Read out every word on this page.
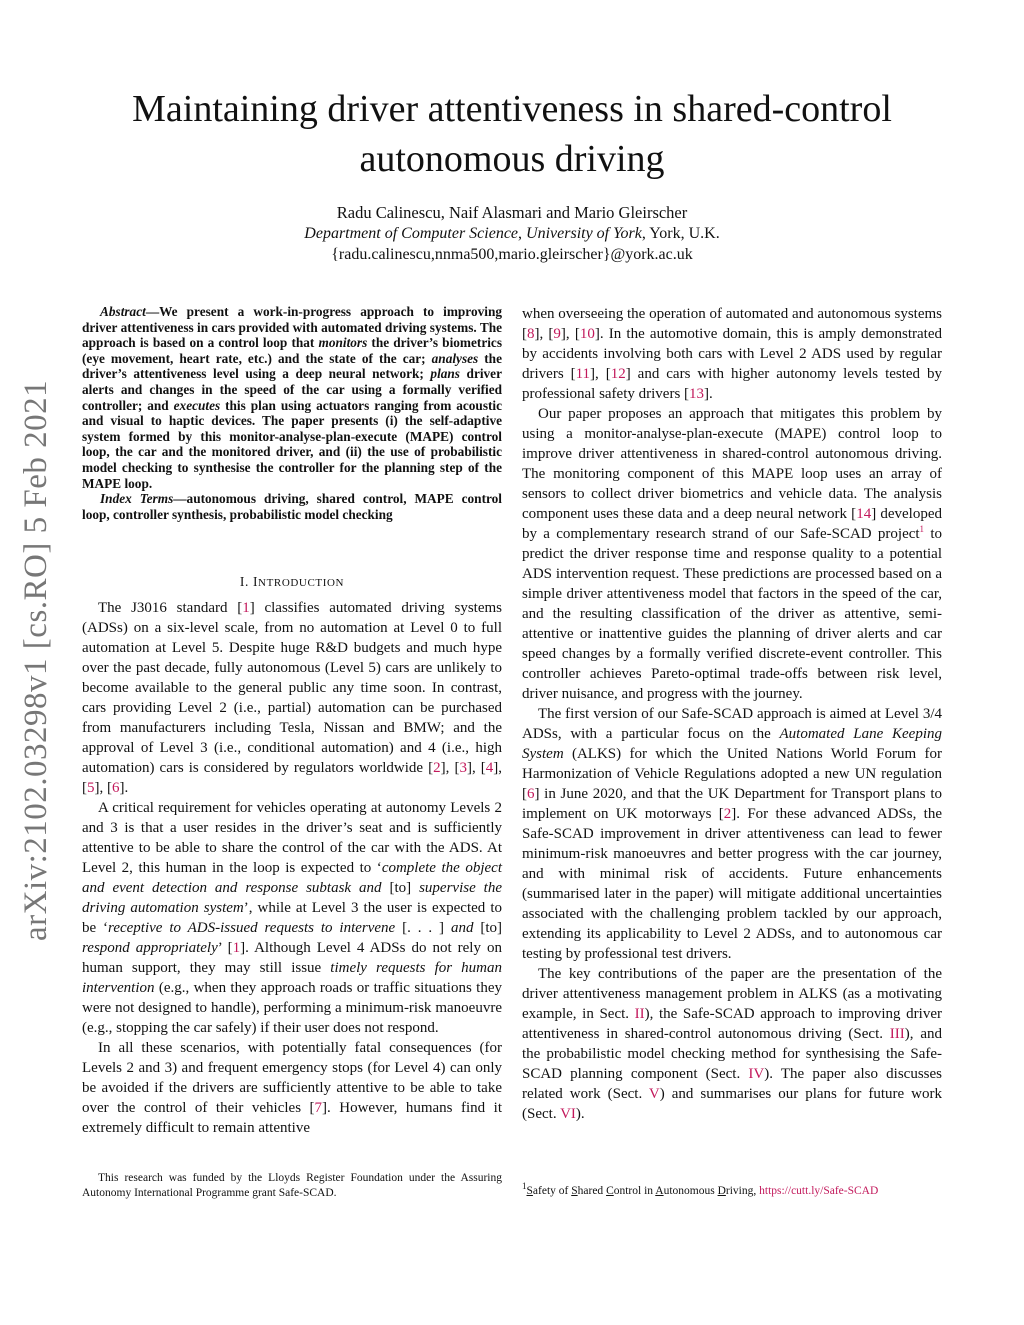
Maintaining driver attentiveness in shared-control
autonomous driving
Radu Calinescu, Naif Alasmari and Mario Gleirscher
Department of Computer Science, University of York, York, U.K.
{radu.calinescu,nnma500,mario.gleirscher}@york.ac.uk
arXiv:2102.03298v1 [cs.RO] 5 Feb 2021

Abstract—We present a work-in-progress approach to improving driver attentiveness in cars provided with automated driving systems. The approach is based on a control loop that monitors the driver’s biometrics (eye movement, heart rate, etc.) and the state of the car; analyses the driver’s attentiveness level using a deep neural network; plans driver alerts and changes in the speed of the car using a formally verified controller; and executes this plan using actuators ranging from acoustic and visual to haptic devices. The paper presents (i) the self-adaptive system formed by this monitor-analyse-plan-execute (MAPE) control loop, the car and the monitored driver, and (ii) the use of probabilistic model checking to synthesise the controller for the planning step of the MAPE loop.

Index Terms—autonomous driving, shared control, MAPE control loop, controller synthesis, probabilistic model checking

I. INTRODUCTION

The J3016 standard [1] classifies automated driving systems (ADSs) on a six-level scale, from no automation at Level 0 to full automation at Level 5. Despite huge R&D budgets and much hype over the past decade, fully autonomous (Level 5) cars are unlikely to become available to the general public any time soon. In contrast, cars providing Level 2 (i.e., partial) automation can be purchased from manufacturers including Tesla, Nissan and BMW; and the approval of Level 3 (i.e., conditional automation) and 4 (i.e., high automation) cars is considered by regulators worldwide [2], [3], [4], [5], [6].

A critical requirement for vehicles operating at autonomy Levels 2 and 3 is that a user resides in the driver’s seat and is sufficiently attentive to be able to share the control of the car with the ADS. At Level 2, this human in the loop is expected to ‘complete the object and event detection and response subtask and [to] supervise the driving automation system’, while at Level 3 the user is expected to be ‘receptive to ADS-issued requests to intervene [. . . ] and [to] respond appropriately’ [1]. Although Level 4 ADSs do not rely on human support, they may still issue timely requests for human intervention (e.g., when they approach roads or traffic situations they were not designed to handle), performing a minimum-risk manoeuvre (e.g., stopping the car safely) if their user does not respond.

In all these scenarios, with potentially fatal consequences (for Levels 2 and 3) and frequent emergency stops (for Level 4) can only be avoided if the drivers are sufficiently attentive to be able to take over the control of their vehicles [7]. However, humans find it extremely difficult to remain attentive

This research was funded by the Lloyds Register Foundation under the Assuring Autonomy International Programme grant Safe-SCAD.

when overseeing the operation of automated and autonomous systems [8], [9], [10]. In the automotive domain, this is amply demonstrated by accidents involving both cars with Level 2 ADS used by regular drivers [11], [12] and cars with higher autonomy levels tested by professional safety drivers [13].

Our paper proposes an approach that mitigates this problem by using a monitor-analyse-plan-execute (MAPE) control loop to improve driver attentiveness in shared-control autonomous driving. The monitoring component of this MAPE loop uses an array of sensors to collect driver biometrics and vehicle data. The analysis component uses these data and a deep neural network [14] developed by a complementary research strand of our Safe-SCAD project$^1$ to predict the driver response time and response quality to a potential ADS intervention request. These predictions are processed based on a simple driver attentiveness model that factors in the speed of the car, and the resulting classification of the driver as attentive, semi-attentive or inattentive guides the planning of driver alerts and car speed changes by a formally verified discrete-event controller. This controller achieves Pareto-optimal trade-offs between risk level, driver nuisance, and progress with the journey.

The first version of our Safe-SCAD approach is aimed at Level 3/4 ADSs, with a particular focus on the Automated Lane Keeping System (ALKS) for which the United Nations World Forum for Harmonization of Vehicle Regulations adopted a new UN regulation [6] in June 2020, and that the UK Department for Transport plans to implement on UK motorways [2]. For these advanced ADSs, the Safe-SCAD improvement in driver attentiveness can lead to fewer minimum-risk manoeuvres and better progress with the car journey, and with minimal risk of accidents. Future enhancements (summarised later in the paper) will mitigate additional uncertainties associated with the challenging problem tackled by our approach, extending its applicability to Level 2 ADSs, and to autonomous car testing by professional test drivers.

The key contributions of the paper are the presentation of the driver attentiveness management problem in ALKS (as a motivating example, in Sect. II), the Safe-SCAD approach to improving driver attentiveness in shared-control autonomous driving (Sect. III), and the probabilistic model checking method for synthesising the Safe-SCAD planning component (Sect. IV). The paper also discusses related work (Sect. V) and summarises our plans for future work (Sect. VI).

$^1$Safety of Shared Control in Autonomous Driving, https://cutt.ly/Safe-SCAD
